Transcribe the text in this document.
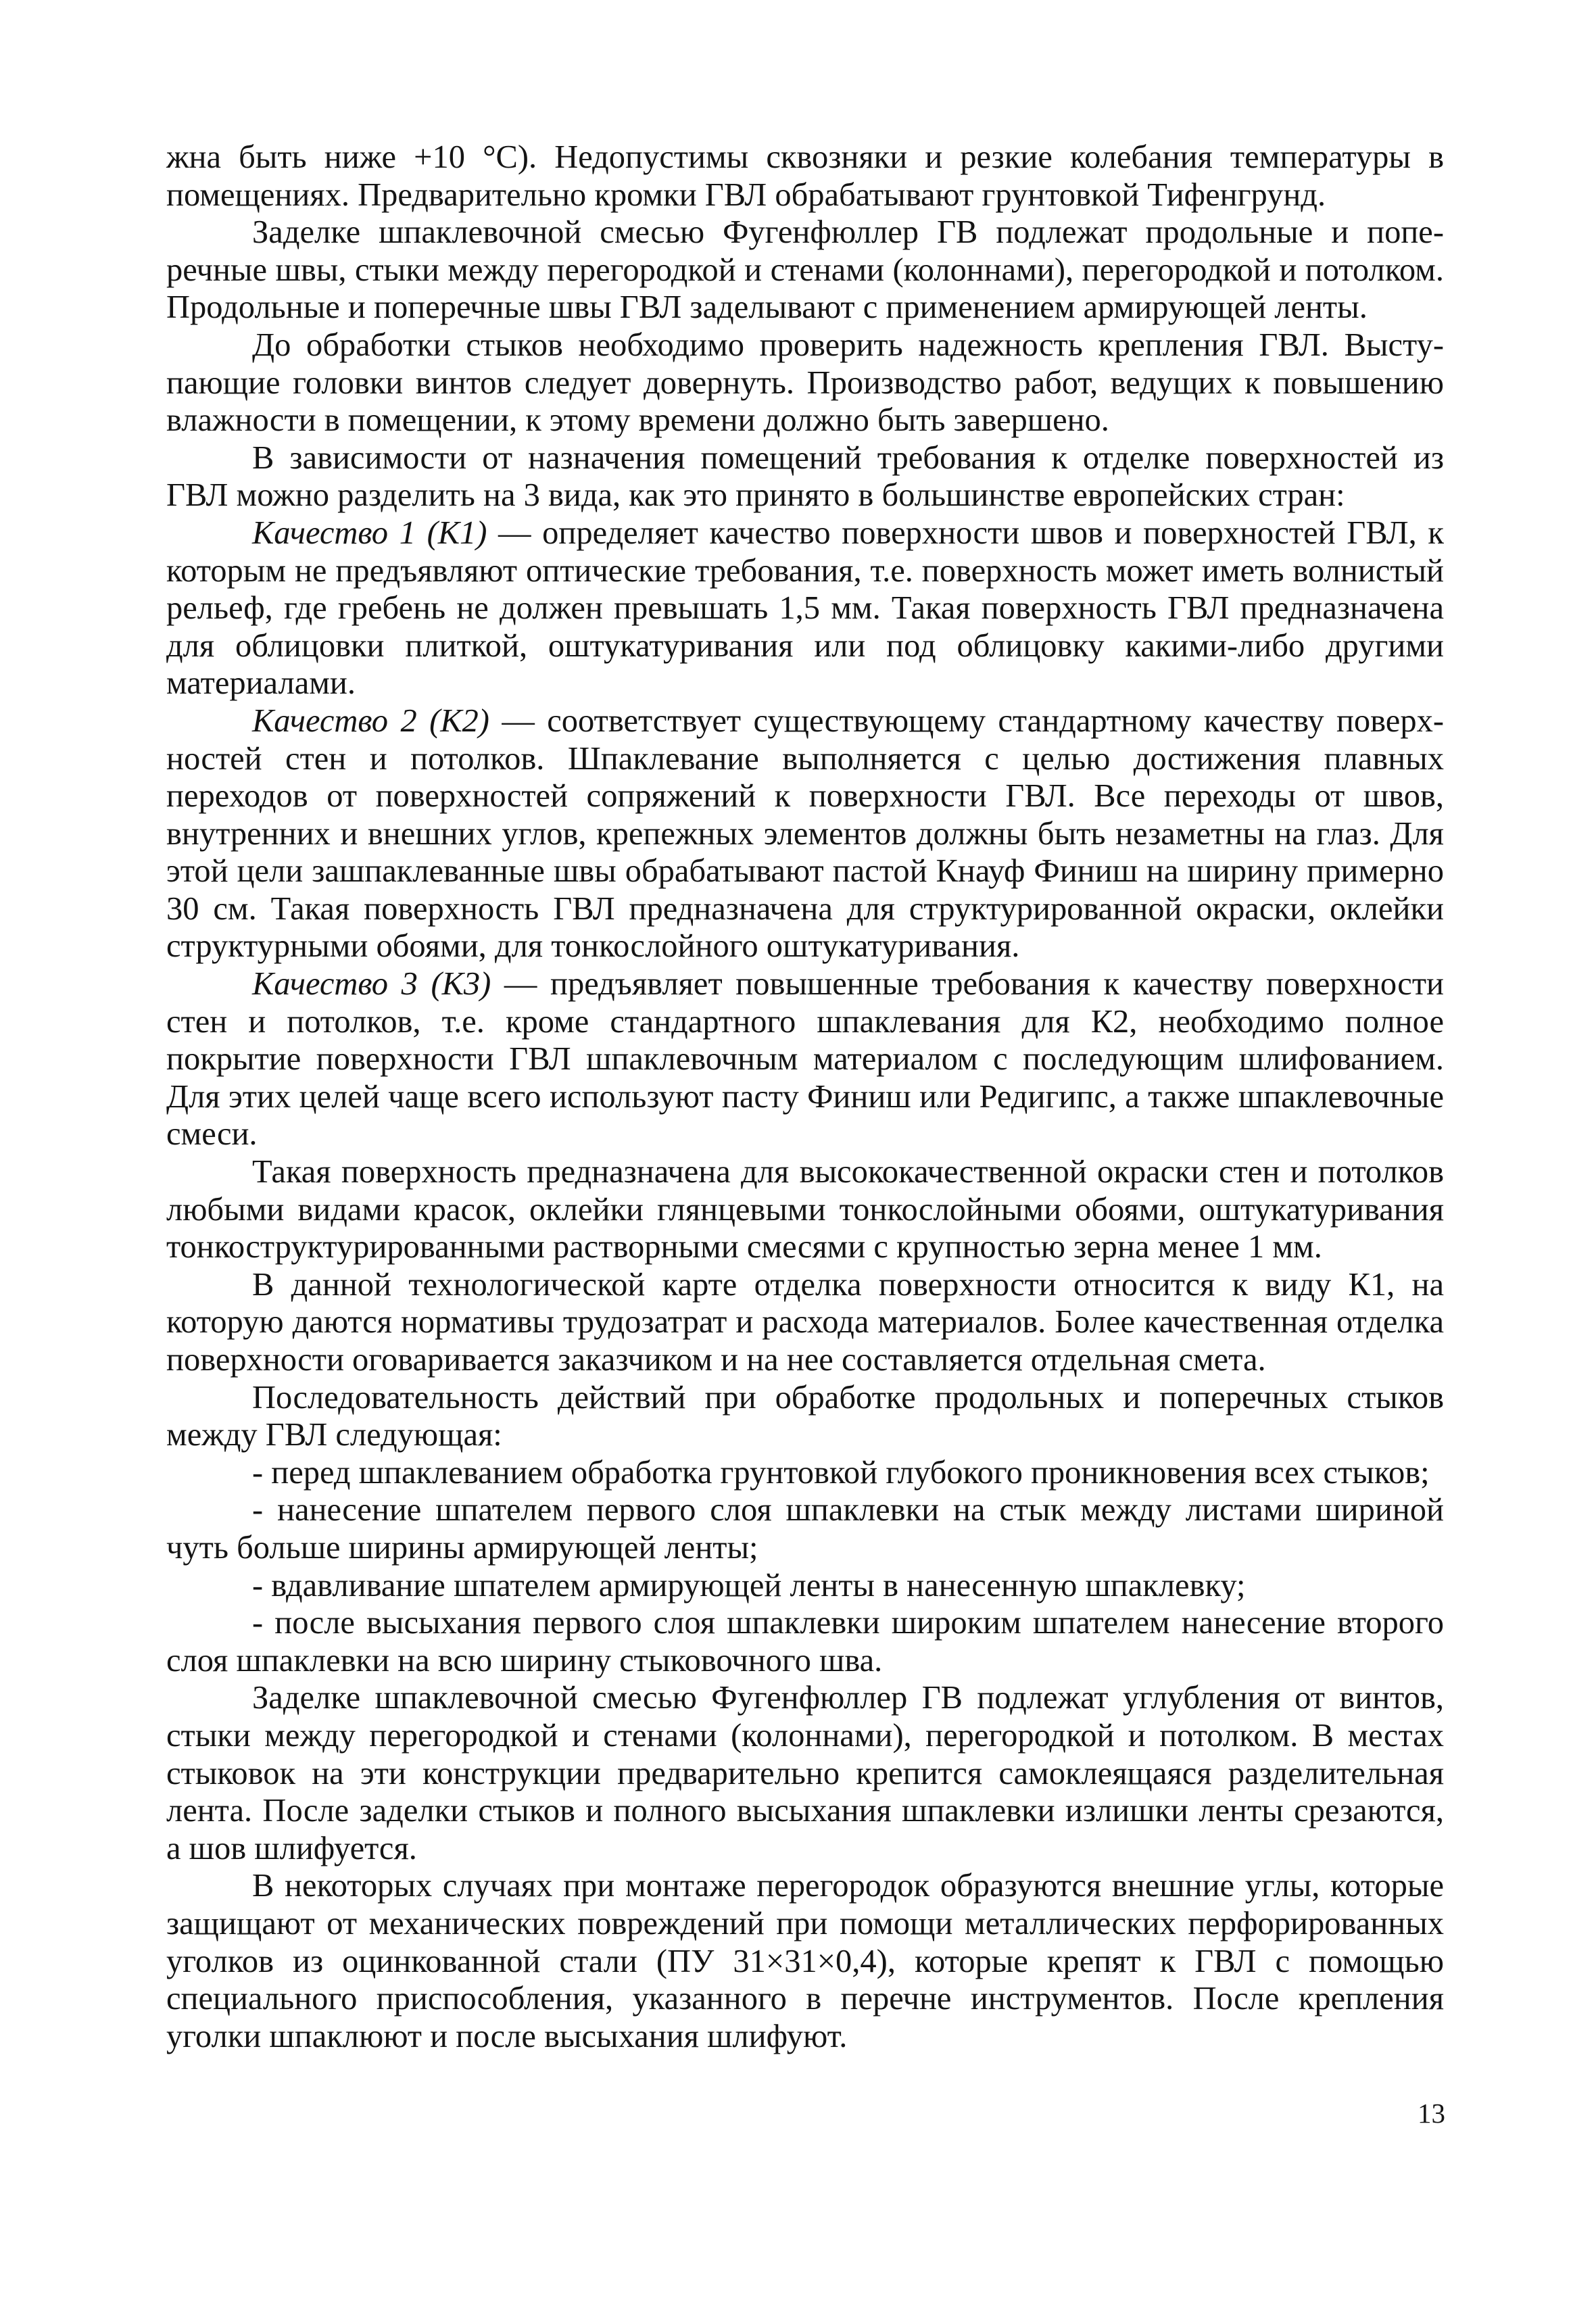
жна быть ниже +10 °C). Недопустимы сквозняки и резкие колебания температуры в помещениях. Предварительно кромки ГВЛ обрабатывают грунтовкой Тифенгрунд.

Заделке шпаклевочной смесью Фугенфюллер ГВ подлежат продольные и поперечные швы, стыки между перегородкой и стенами (колоннами), перегородкой и потолком. Продольные и поперечные швы ГВЛ заделывают с применением армирующей ленты.

До обработки стыков необходимо проверить надежность крепления ГВЛ. Выступающие головки винтов следует довернуть. Производство работ, ведущих к повышению влажности в помещении, к этому времени должно быть завершено.

В зависимости от назначения помещений требования к отделке поверхностей из ГВЛ можно разделить на 3 вида, как это принято в большинстве европейских стран:

Качество 1 (К1) — определяет качество поверхности швов и поверхностей ГВЛ, к которым не предъявляют оптические требования, т.е. поверхность может иметь волнистый рельеф, где гребень не должен превышать 1,5 мм. Такая поверхность ГВЛ предназначена для облицовки плиткой, оштукатуривания или под облицовку какими-либо другими материалами.

Качество 2 (К2) — соответствует существующему стандартному качеству поверхностей стен и потолков. Шпаклевание выполняется с целью достижения плавных переходов от поверхностей сопряжений к поверхности ГВЛ. Все переходы от швов, внутренних и внешних углов, крепежных элементов должны быть незаметны на глаз. Для этой цели зашпаклеванные швы обрабатывают пастой Кнауф Финиш на ширину примерно 30 см. Такая поверхность ГВЛ предназначена для структурированной окраски, оклейки структурными обоями, для тонкослойного оштукатуривания.

Качество 3 (К3) — предъявляет повышенные требования к качеству поверхности стен и потолков, т.е. кроме стандартного шпаклевания для К2, необходимо полное покрытие поверхности ГВЛ шпаклевочным материалом с последующим шлифованием. Для этих целей чаще всего используют пасту Финиш или Редигипс, а также шпаклевочные смеси.

Такая поверхность предназначена для высококачественной окраски стен и потолков любыми видами красок, оклейки глянцевыми тонкослойными обоями, оштукатуривания тонкоструктурированными растворными смесями с крупностью зерна менее 1 мм.

В данной технологической карте отделка поверхности относится к виду К1, на которую даются нормативы трудозатрат и расхода материалов. Более качественная отделка поверхности оговаривается заказчиком и на нее составляется отдельная смета.

Последовательность действий при обработке продольных и поперечных стыков между ГВЛ следующая:

- перед шпаклеванием обработка грунтовкой глубокого проникновения всех стыков;

- нанесение шпателем первого слоя шпаклевки на стык между листами шириной чуть больше ширины армирующей ленты;

- вдавливание шпателем армирующей ленты в нанесенную шпаклевку;

- после высыхания первого слоя шпаклевки широким шпателем нанесение второго слоя шпаклевки на всю ширину стыковочного шва.

Заделке шпаклевочной смесью Фугенфюллер ГВ подлежат углубления от винтов, стыки между перегородкой и стенами (колоннами), перегородкой и потолком. В местах стыковок на эти конструкции предварительно крепится самоклеящаяся разделительная лента. После заделки стыков и полного высыхания шпаклевки излишки ленты срезаются, а шов шлифуется.

В некоторых случаях при монтаже перегородок образуются внешние углы, которые защищают от механических повреждений при помощи металлических перфорированных уголков из оцинкованной стали (ПУ 31×31×0,4), которые крепят к ГВЛ с помощью специального приспособления, указанного в перечне инструментов. После крепления уголки шпаклюют и после высыхания шлифуют.

13
